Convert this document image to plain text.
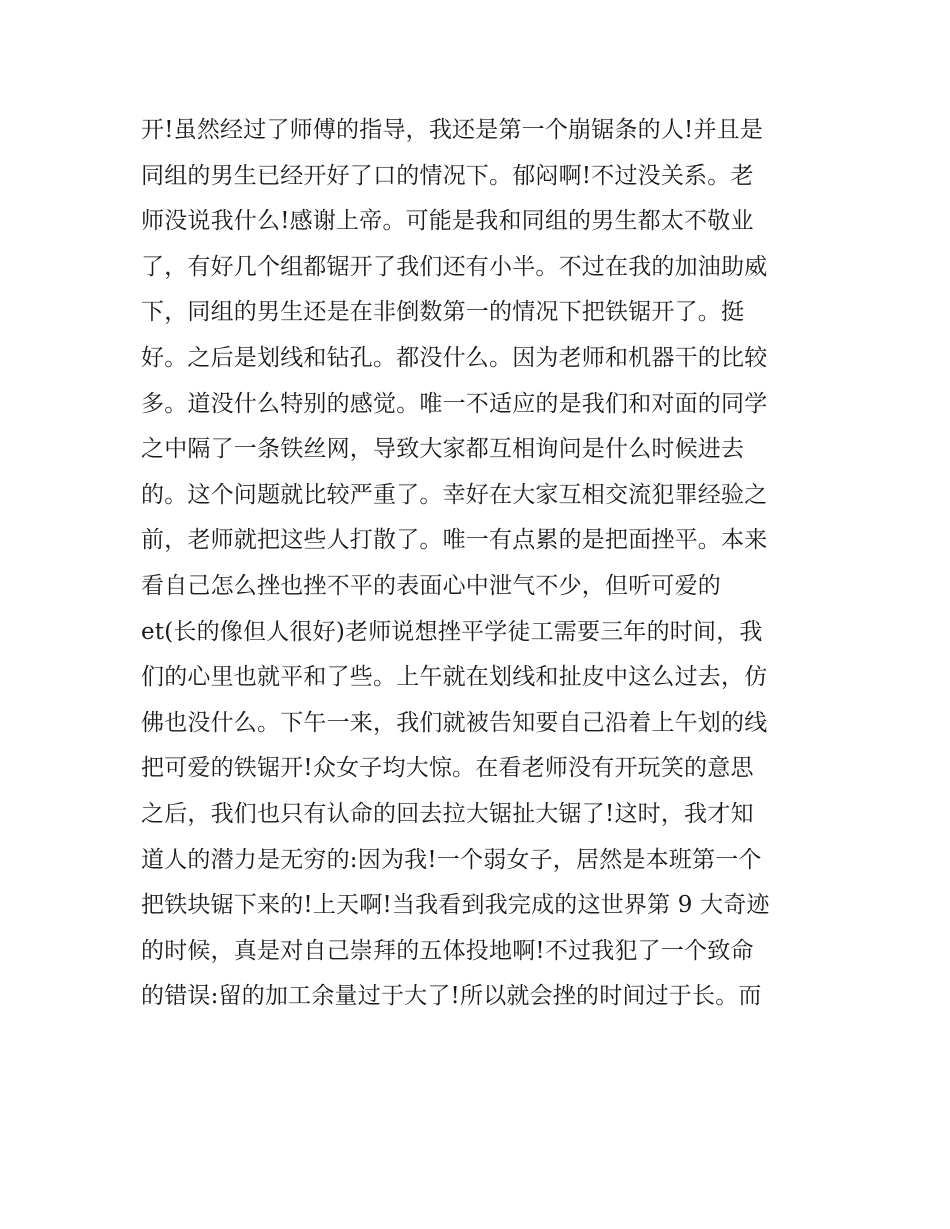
开!虽然经过了师傅的指导，我还是第一个崩锯条的人!并且是
同组的男生已经开好了口的情况下。郁闷啊!不过没关系。老
师没说我什么!感谢上帝。可能是我和同组的男生都太不敬业
了，有好几个组都锯开了我们还有小半。不过在我的加油助威
下，同组的男生还是在非倒数第一的情况下把铁锯开了。挺
好。之后是划线和钻孔。都没什么。因为老师和机器干的比较
多。道没什么特别的感觉。唯一不适应的是我们和对面的同学
之中隔了一条铁丝网，导致大家都互相询问是什么时候进去
的。这个问题就比较严重了。幸好在大家互相交流犯罪经验之
前，老师就把这些人打散了。唯一有点累的是把面挫平。本来
看自己怎么挫也挫不平的表面心中泄气不少，但听可爱的
et(长的像但人很好)老师说想挫平学徒工需要三年的时间，我
们的心里也就平和了些。上午就在划线和扯皮中这么过去，仿
佛也没什么。下午一来，我们就被告知要自己沿着上午划的线
把可爱的铁锯开!众女子均大惊。在看老师没有开玩笑的意思
之后，我们也只有认命的回去拉大锯扯大锯了!这时，我才知
道人的潜力是无穷的:因为我!一个弱女子，居然是本班第一个
把铁块锯下来的!上天啊!当我看到我完成的这世界第 9 大奇迹
的时候，真是对自己崇拜的五体投地啊!不过我犯了一个致命
的错误:留的加工余量过于大了!所以就会挫的时间过于长。而
